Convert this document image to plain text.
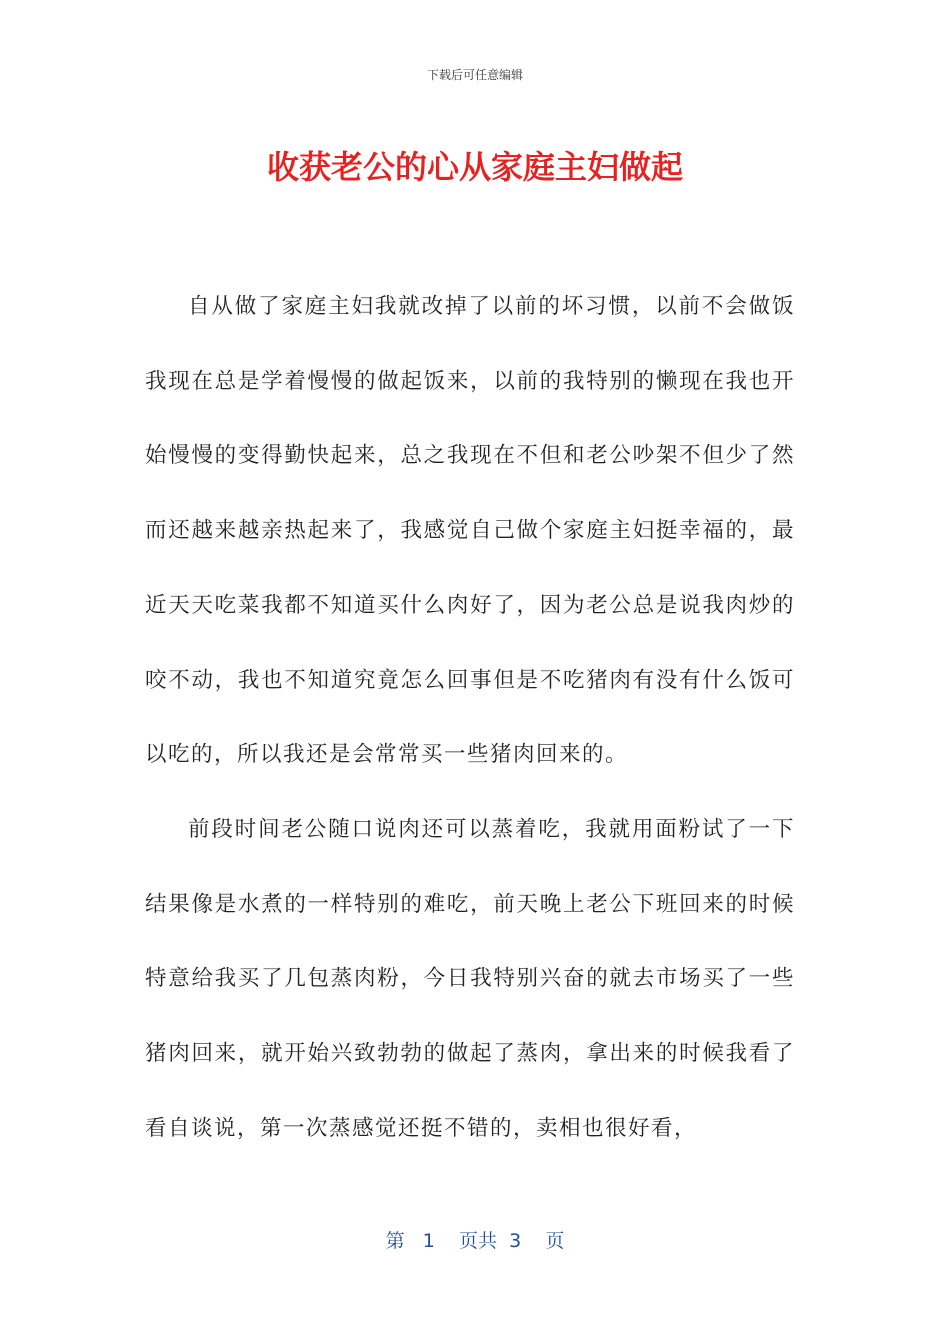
下载后可任意编辑
收获老公的心从家庭主妇做起

自从做了家庭主妇我就改掉了以前的坏习惯，以前不会做饭我现在总是学着慢慢的做起饭来，以前的我特别的懒现在我也开始慢慢的变得勤快起来，总之我现在不但和老公吵架不但少了然而还越来越亲热起来了，我感觉自己做个家庭主妇挺幸福的，最近天天吃菜我都不知道买什么肉好了，因为老公总是说我肉炒的咬不动，我也不知道究竟怎么回事但是不吃猪肉有没有什么饭可以吃的，所以我还是会常常买一些猪肉回来的。

前段时间老公随口说肉还可以蒸着吃，我就用面粉试了一下结果像是水煮的一样特别的难吃，前天晚上老公下班回来的时候特意给我买了几包蒸肉粉，今日我特别兴奋的就去市场买了一些猪肉回来，就开始兴致勃勃的做起了蒸肉，拿出来的时候我看了看自谈说，第一次蒸感觉还挺不错的，卖相也很好看，

第 1 页共 3 页
